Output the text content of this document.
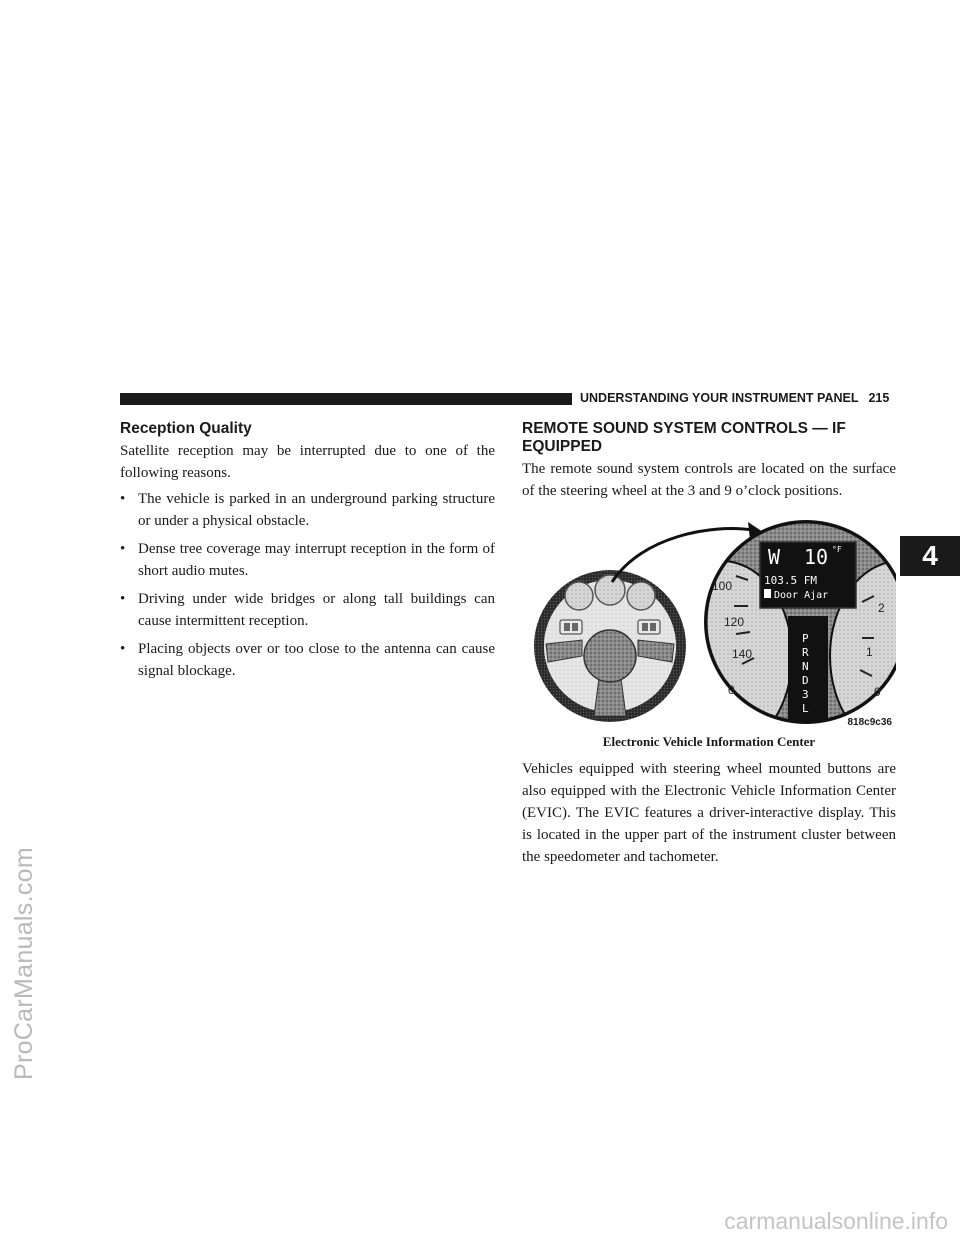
ProCarManuals.com
carmanualsonline.info
UNDERSTANDING YOUR INSTRUMENT PANEL 215
4
Reception Quality

Satellite reception may be interrupted due to one of the following reasons.

• The vehicle is parked in an underground parking structure or under a physical obstacle.
• Dense tree coverage may interrupt reception in the form of short audio mutes.
• Driving under wide bridges or along tall buildings can cause intermittent reception.
• Placing objects over or too close to the antenna can cause signal blockage.
REMOTE SOUND SYSTEM CONTROLS — IF EQUIPPED

The remote sound system controls are located on the surface of the steering wheel at the 3 and 9 o’clock positions.

W 10 °F
103.5 FM
Door Ajar
100
120
140
0
2
1
0
P
R
N
D
3
L
818c9c36
Electronic Vehicle Information Center

Vehicles equipped with steering wheel mounted buttons are also equipped with the Electronic Vehicle Information Center (EVIC). The EVIC features a driver-interactive display. This is located in the upper part of the instrument cluster between the speedometer and tachometer.
